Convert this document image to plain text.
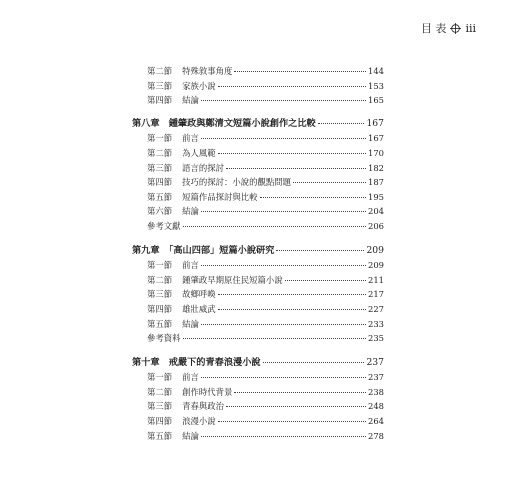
目 表 iii
第二節 特殊敘事角度	144
第三節 家族小說	153
第四節 結論	165
第八章　鍾肇政與鄭清文短篇小說創作之比較	167
第一節 前言	167
第二節 為人風範	170
第三節 語言的探討	182
第四節 技巧的探討：小說的觀點問題	187
第五節 短篇作品探討與比較	195
第六節 結論	204
參考文獻	206
第九章　「高山四部」短篇小說研究	209
第一節 前言	209
第二節 鍾肇政早期原住民短篇小說	211
第三節 故鄉呼喚	217
第四節 雄壯威武	227
第五節 結論	233
參考資料	235
第十章　戒嚴下的青春浪漫小說	237
第一節 前言	237
第二節 創作時代背景	238
第三節 青春與政治	248
第四節 浪漫小說	264
第五節 結論	278
